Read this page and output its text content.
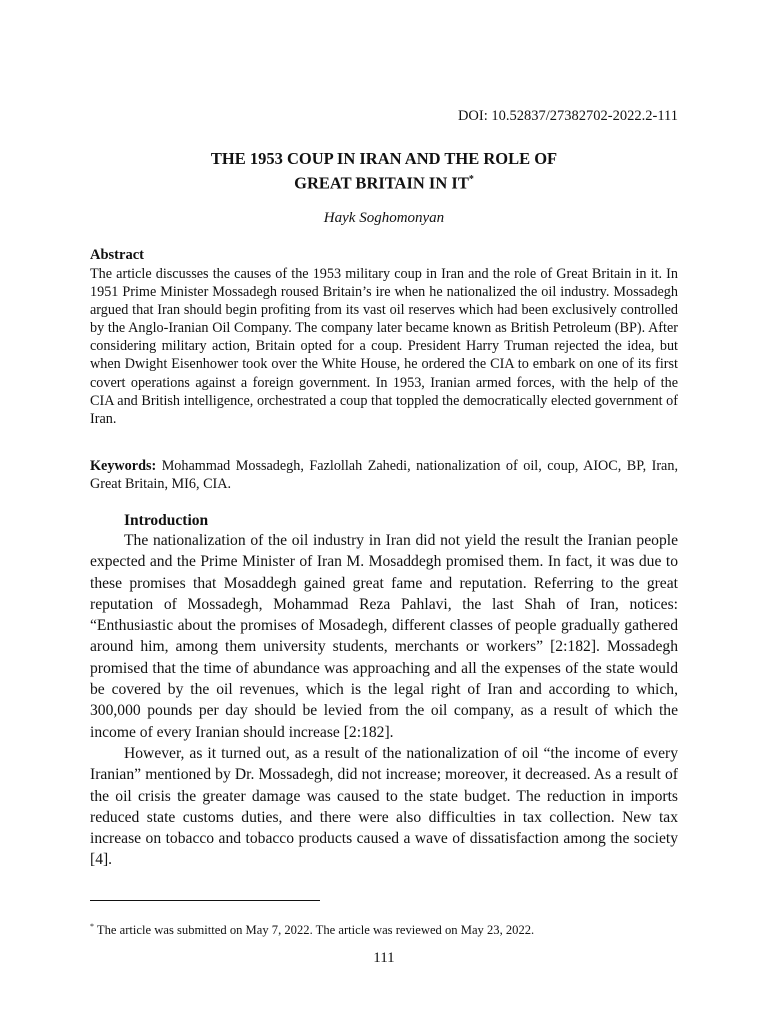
DOI: 10.52837/27382702-2022.2-111
THE 1953 COUP IN IRAN AND THE ROLE OF
GREAT BRITAIN IN IT*
Hayk Soghomonyan
Abstract
The article discusses the causes of the 1953 military coup in Iran and the role of Great Britain in it. In 1951 Prime Minister Mossadegh roused Britain’s ire when he nationalized the oil industry. Mossadegh argued that Iran should begin profiting from its vast oil reserves which had been exclusively controlled by the Anglo-Iranian Oil Company. The company later became known as British Petroleum (BP). After considering military action, Britain opted for a coup. President Harry Truman rejected the idea, but when Dwight Eisenhower took over the White House, he ordered the CIA to embark on one of its first covert operations against a foreign government. In 1953, Iranian armed forces, with the help of the CIA and British intelligence, orchestrated a coup that toppled the democratically elected government of Iran.
Keywords: Mohammad Mossadegh, Fazlollah Zahedi, nationalization of oil, coup, AIOC, BP, Iran, Great Britain, MI6, CIA.
Introduction

The nationalization of the oil industry in Iran did not yield the result the Iranian people expected and the Prime Minister of Iran M. Mosaddegh promised them. In fact, it was due to these promises that Mosaddegh gained great fame and reputation. Referring to the great reputation of Mossadegh, Mohammad Reza Pahlavi, the last Shah of Iran, notices: “Enthusiastic about the promises of Mosadegh, different classes of people gradually gathered around him, among them university students, merchants or workers” [2:182]. Mossadegh promised that the time of abundance was approaching and all the expenses of the state would be covered by the oil revenues, which is the legal right of Iran and according to which, 300,000 pounds per day should be levied from the oil company, as a result of which the income of every Iranian should increase [2:182].

However, as it turned out, as a result of the nationalization of oil “the income of every Iranian” mentioned by Dr. Mossadegh, did not increase; moreover, it decreased. As a result of the oil crisis the greater damage was caused to the state budget. The reduction in imports reduced state customs duties, and there were also difficulties in tax collection. New tax increase on tobacco and tobacco products caused a wave of dissatisfaction among the society [4].

* The article was submitted on May 7, 2022. The article was reviewed on May 23, 2022.
111
